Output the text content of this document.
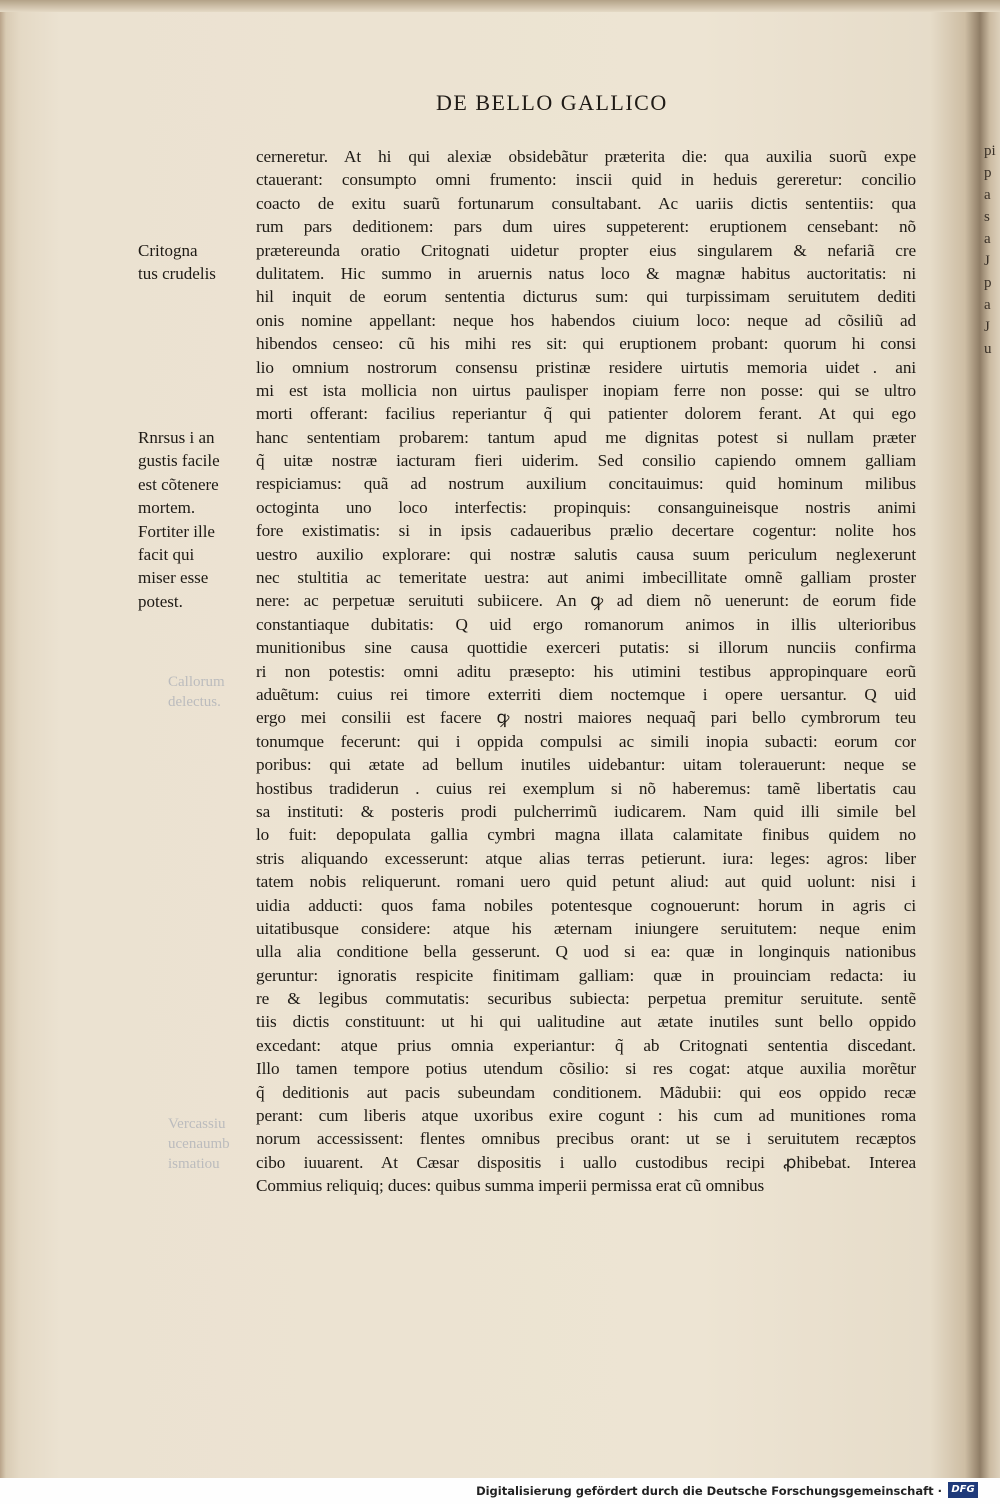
DE BELLO GALLICO
Critogna
tus crudelis
Rnrsus i an
gustis facile
est cõtenere
mortem.
Fortiter ille
facit qui
miser esse
potest.
Callorum
delectus.
Vercassiu
ucenaumb
ismatiou
cerneretur. At hi qui alexiæ obsidebãtur præterita die: qua auxilia suorũ expe
ctauerant: consumpto omni frumento: inscii quid in heduis gereretur: concilio
coacto de exitu suarũ fortunarum consultabant. Ac uariis dictis sententiis: qua
rum pars deditionem: pars dum uires suppeterent: eruptionem censebant: nõ
prætereunda oratio Critognati uidetur propter eius singularem & nefariã cre
dulitatem. Hic summo in aruernis natus loco & magnæ habitus auctoritatis: ni
hil inquit de eorum sententia dicturus sum: qui turpissimam seruitutem dediti
onis nomine appellant: neque hos habendos ciuium loco: neque ad cõsiliũ ad
hibendos censeo: cũ his mihi res sit: qui eruptionem probant: quorum hi consi
lio omnium nostrorum consensu pristinæ residere uirtutis memoria uidet᷑. ani
mi est ista mollicia non uirtus paulisper inopiam ferre non posse: qui se ultro
morti offerant: facilius reperiantur q̃ qui patienter dolorem ferant. At qui ego
hanc sententiam probarem: tantum apud me dignitas potest si nullam præter
q̃ uitæ nostræ iacturam fieri uiderim. Sed consilio capiendo omnem galliam
respiciamus: quã ad nostrum auxilium concitauimus: quid hominum milibus
octoginta uno loco interfectis: propinquis: consanguineisque nostris animi
fore existimatis: si in ipsis cadaueribus prælio decertare cogentur: nolite hos
uestro auxilio explorare: qui nostræ salutis causa suum periculum neglexerunt
nec stultitia ac temeritate uestra: aut animi imbecillitate omnẽ galliam proster
nere: ac perpetuæ seruituti subiicere. An ꝙ ad diem nõ uenerunt: de eorum fide
constantiaque dubitatis: Q uid ergo romanorum animos in illis ulterioribus
munitionibus sine causa quottidie exerceri putatis: si illorum nunciis confirma
ri non potestis: omni aditu præsepto: his utimini testibus appropinquare eorũ
aduẽtum: cuius rei timore exterriti diem noctemque i opere uersantur. Q uid
ergo mei consilii est facere ꝙ nostri maiores nequaq̃ pari bello cymbrorum teu
tonumque fecerunt: qui i oppida compulsi ac simili inopia subacti: eorum cor
poribus: qui ætate ad bellum inutiles uidebantur: uitam tolerauerunt: neque se
hostibus tradiderun . cuius rei exemplum si nõ haberemus: tamẽ libertatis cau
sa instituti: & posteris prodi pulcherrimũ iudicarem. Nam quid illi simile bel
lo fuit: depopulata gallia cymbri magna illata calamitate finibus quidem no
stris aliquando excesserunt: atque alias terras petierunt. iura: leges: agros: liber
tatem nobis reliquerunt. romani uero quid petunt aliud: aut quid uolunt: nisi i
uidia adducti: quos fama nobiles potentesque cognouerunt: horum in agris ci
uitatibusque considere: atque his æternam iniungere seruitutem: neque enim
ulla alia conditione bella gesserunt. Q uod si ea: quæ in longinquis nationibus
geruntur: ignoratis respicite finitimam galliam: quæ in prouinciam redacta: iu
re & legibus commutatis: securibus subiecta: perpetua premitur seruitute. sentẽ
tiis dictis constituunt: ut hi qui ualitudine aut ætate inutiles sunt bello oppido
excedant: atque prius omnia experiantur: q̃ ab Critognati sententia discedant.
Illo tamen tempore potius utendum cõsilio: si res cogat: atque auxilia morẽtur
q̃ deditionis aut pacis subeundam conditionem. Mãdubii: qui eos oppido recæ
perant: cum liberis atque uxoribus exire cogunt᷑: his cum ad munitiones roma
norum accessissent: flentes omnibus precibus orant: ut se i seruitutem recæptos
cibo iuuarent. At Cæsar dispositis i uallo custodibus recipi ꝓhibebat. Interea
Commius reliquiq; duces: quibus summa imperii permissa erat cũ omnibus
pi
p
a
s
a
J
p
a
J
u
Digitalisierung gefördert durch die Deutsche Forschungsgemeinschaft · DFG
